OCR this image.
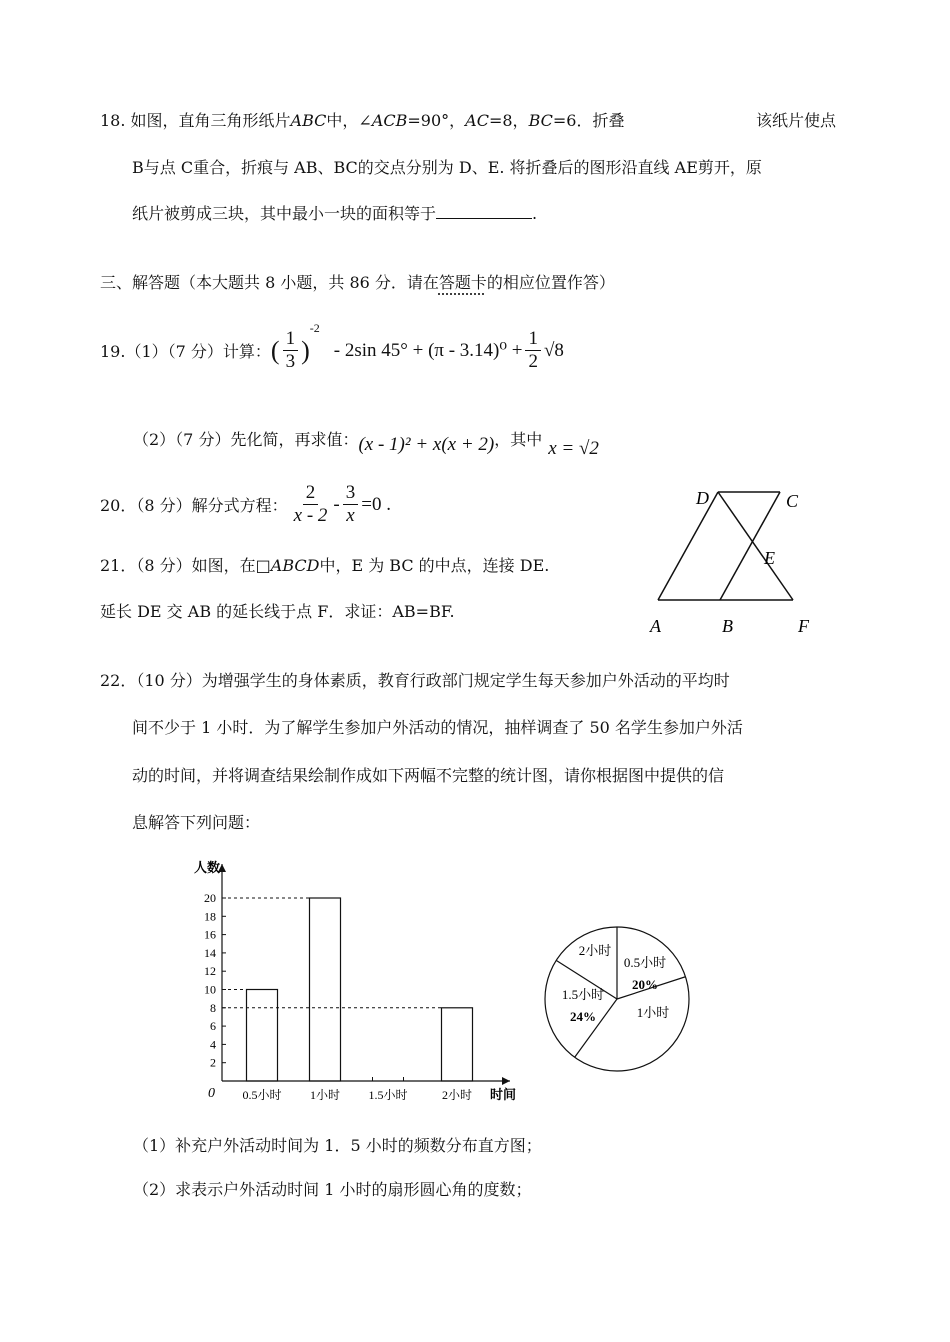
18. 如图，直角三角形纸片ABC中，∠ACB=90°，AC=8，BC=6．折叠	该纸片使点
B与点 C重合，折痕与 AB、BC的交点分别为 D、E. 将折叠后的图形沿直线 AE剪开，原
纸片被剪成三块，其中最小一块的面积等于	.
三、解答题（本大题共 8 小题，共 86 分．请在答题卡的相应位置作答）
19.（1）（7 分）计算： ( $\frac{1}{3}$ )
-2
- 2sin $45^\circ + (\pi - 3.14)^0 + \frac{1}{2} √8$
（2）（7 分）先化简，再求值： (x - 1)² + x(x + 2) ，其中 x = √2
20．（8 分）解分式方程： $\frac{2}{x - 2} - \frac{3}{x} =0$ .
21．（8 分）如图，在□ABCD中，E 为 BC 的中点，连接 DE.
延长 DE 交 AB 的延长线于点 F．求证：AB=BF.
D	C
E
A	B	F
22．（10 分）为增强学生的身体素质，教育行政部门规定学生每天参加户外活动的平均时
间不少于 1 小时．为了解学生参加户外活动的情况，抽样调查了 50 名学生参加户外活
动的时间，并将调查结果绘制作成如下两幅不完整的统计图，请你根据图中提供的信
息解答下列问题：
人数
时间
0
2
4
6
8
10
12
14
16
18
20
0.5小时 1小时 1.5小时	2小时
0.5小时
20%
1小时
1.5小时
24%
2小时
（1）补充户外活动时间为 1．5 小时的频数分布直方图；
（2）求表示户外活动时间 1 小时的扇形圆心角的度数；
